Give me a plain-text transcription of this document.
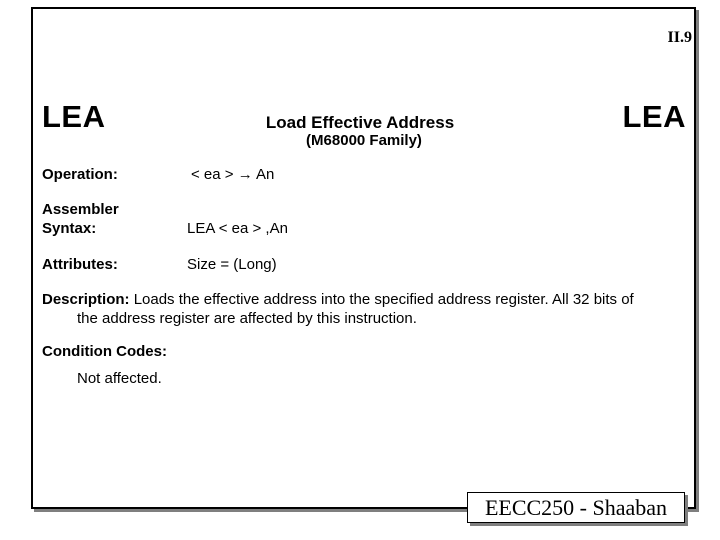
II.9
LEA	Load Effective Address
(M68000 Family)
LEA
Operation:	< ea > → An
Assembler
Syntax:	LEA < ea > ,An
Attributes:	Size = (Long)
Description: Loads the effective address into the specified address register. All 32 bits of
the address register are affected by this instruction.
Condition Codes:
Not affected.
EECC250 - Shaaban
